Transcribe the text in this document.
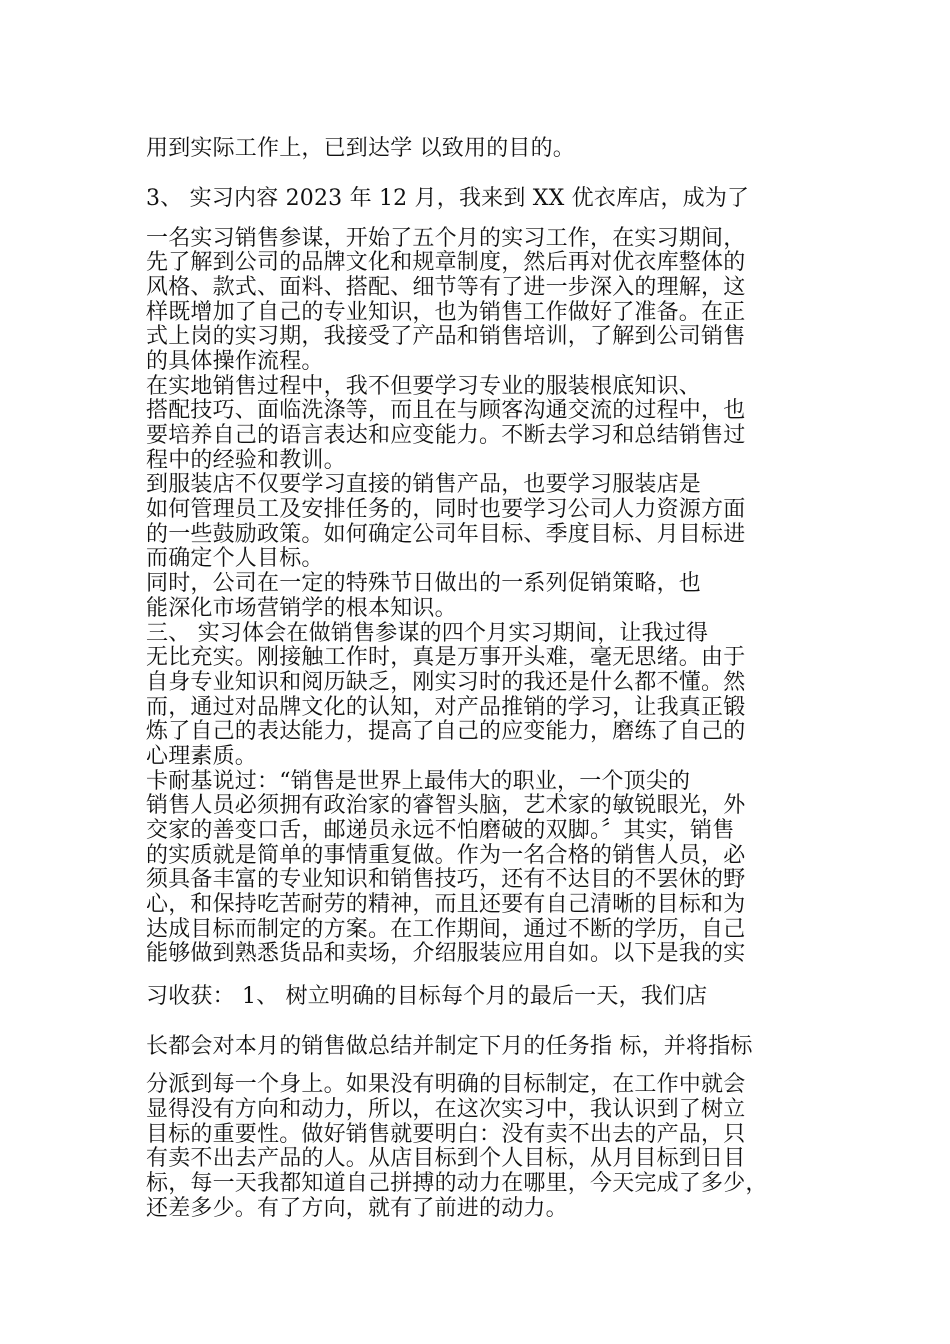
用到实际工作上，已到达学 以致用的目的。
3、 实习内容 2023 年 12 月，我来到 XX 优衣库店，成为了
一名实习销售参谋，开始了五个月的实习工作，在实习期间，
先了解到公司的品牌文化和规章制度，然后再对优衣库整体的
风格、款式、面料、搭配、细节等有了进一步深入的理解，这
样既增加了自己的专业知识，也为销售工作做好了准备。在正
式上岗的实习期，我接受了产品和销售培训，了解到公司销售
的具体操作流程。
在实地销售过程中，我不但要学习专业的服装根底知识、
搭配技巧、面临洗涤等，而且在与顾客沟通交流的过程中，也
要培养自己的语言表达和应变能力。不断去学习和总结销售过
程中的经验和教训。
到服装店不仅要学习直接的销售产品，也要学习服装店是
如何管理员工及安排任务的，同时也要学习公司人力资源方面
的一些鼓励政策。如何确定公司年目标、季度目标、月目标进
而确定个人目标。
同时，公司在一定的特殊节日做出的一系列促销策略，也
能深化市场营销学的根本知识。
三、 实习体会在做销售参谋的四个月实习期间，让我过得
无比充实。刚接触工作时，真是万事开头难，毫无思绪。由于
自身专业知识和阅历缺乏，刚实习时的我还是什么都不懂。然
而，通过对品牌文化的认知，对产品推销的学习，让我真正锻
炼了自己的表达能力，提高了自己的应变能力，磨练了自己的
心理素质。
卡耐基说过：“销售是世界上最伟大的职业，一个顶尖的
销售人员必须拥有政治家的睿智头脑，艺术家的敏锐眼光，外
交家的善变口舌，邮递员永远不怕磨破的双脚。〞其实，销售
的实质就是简单的事情重复做。作为一名合格的销售人员，必
须具备丰富的专业知识和销售技巧，还有不达目的不罢休的野
心，和保持吃苦耐劳的精神，而且还要有自己清晰的目标和为
达成目标而制定的方案。在工作期间，通过不断的学历，自己
能够做到熟悉货品和卖场，介绍服装应用自如。以下是我的实
习收获： 1、 树立明确的目标每个月的最后一天，我们店
长都会对本月的销售做总结并制定下月的任务指 标，并将指标
分派到每一个身上。如果没有明确的目标制定，在工作中就会
显得没有方向和动力，所以，在这次实习中，我认识到了树立
目标的重要性。做好销售就要明白：没有卖不出去的产品，只
有卖不出去产品的人。从店目标到个人目标，从月目标到日目
标，每一天我都知道自己拼搏的动力在哪里，今天完成了多少，
还差多少。有了方向，就有了前进的动力。
